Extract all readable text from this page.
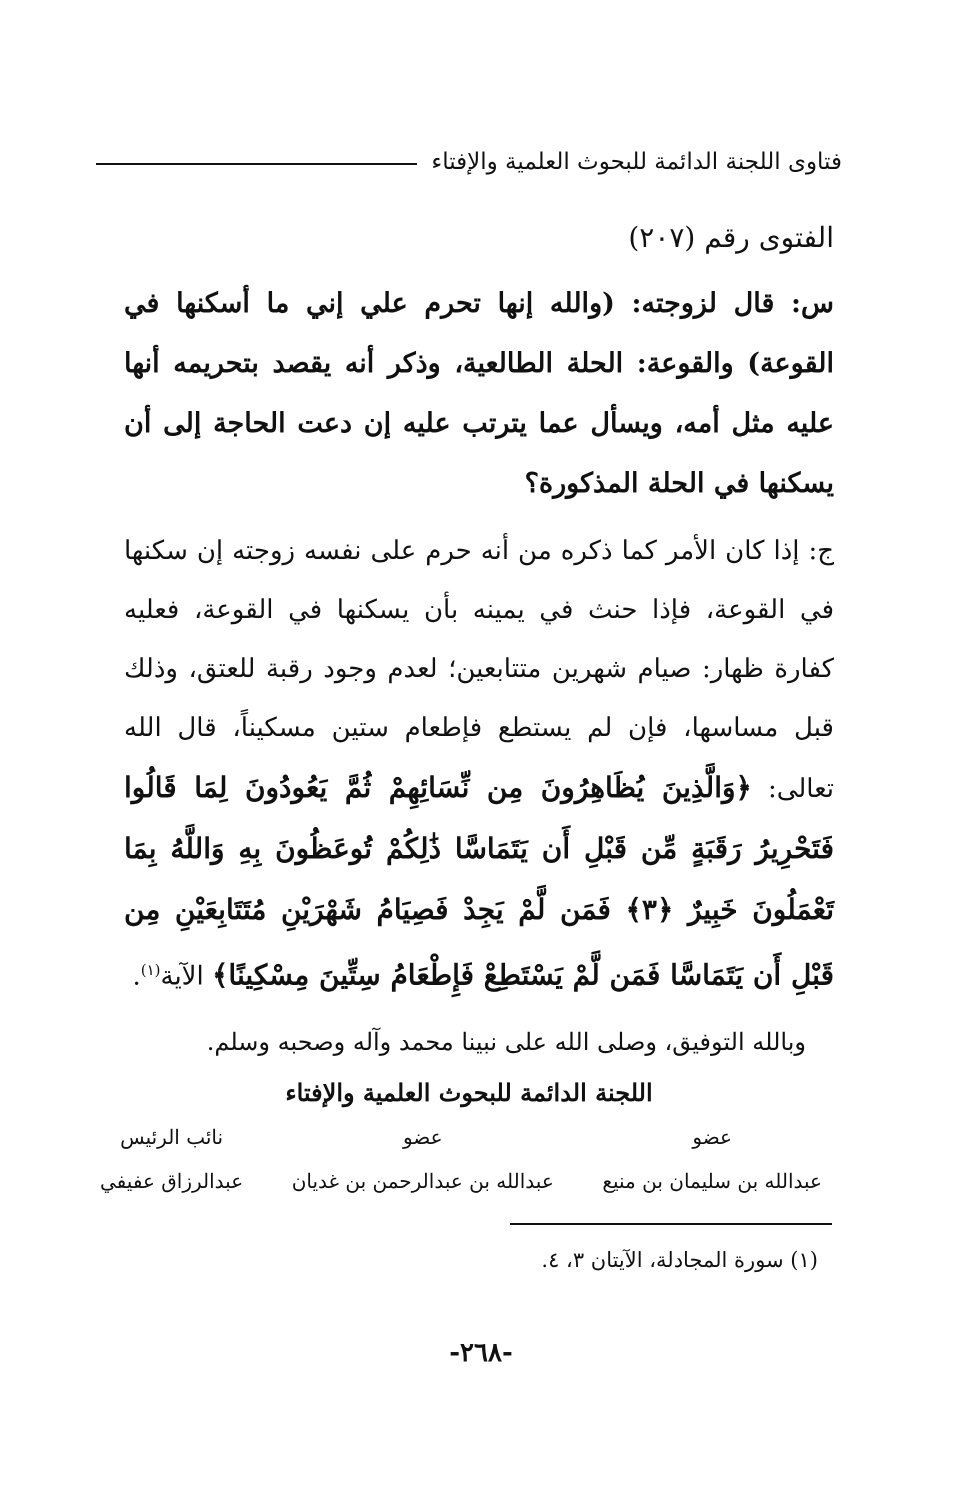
فتاوى اللجنة الدائمة للبحوث العلمية والإفتاء
الفتوى رقم (٢٠٧)

س: قال لزوجته: (والله إنها تحرم علي إني ما أسكنها في القوعة) والقوعة: الحلة الطالعية، وذكر أنه يقصد بتحريمه أنها عليه مثل أمه، ويسأل عما يترتب عليه إن دعت الحاجة إلى أن يسكنها في الحلة المذكورة؟

ج: إذا كان الأمر كما ذكره من أنه حرم على نفسه زوجته إن سكنها في القوعة، فإذا حنث في يمينه بأن يسكنها في القوعة، فعليه كفارة ظهار: صيام شهرين متتابعين؛ لعدم وجود رقبة للعتق، وذلك قبل مساسها، فإن لم يستطع فإطعام ستين مسكيناً، قال الله تعالى: ﴿وَالَّذِينَ يُظَاهِرُونَ مِن نِّسَائِهِمْ ثُمَّ يَعُودُونَ لِمَا قَالُوا فَتَحْرِيرُ رَقَبَةٍ مِّن قَبْلِ أَن يَتَمَاسَّا ذَٰلِكُمْ تُوعَظُونَ بِهِ وَاللَّهُ بِمَا تَعْمَلُونَ خَبِيرٌ ﴿٣﴾ فَمَن لَّمْ يَجِدْ فَصِيَامُ شَهْرَيْنِ مُتَتَابِعَيْنِ مِن قَبْلِ أَن يَتَمَاسَّا فَمَن لَّمْ يَسْتَطِعْ فَإِطْعَامُ سِتِّينَ مِسْكِينًا﴾ الآية$^{(١)}$.

وبالله التوفيق، وصلى الله على نبينا محمد وآله وصحبه وسلم.

اللجنة الدائمة للبحوث العلمية والإفتاء
عضو
عبدالله بن سليمان بن منيع
عضو
عبدالله بن عبدالرحمن بن غديان
نائب الرئيس
عبدالرزاق عفيفي
(١) سورة المجادلة، الآيتان ٣، ٤.
-٢٦٨-
